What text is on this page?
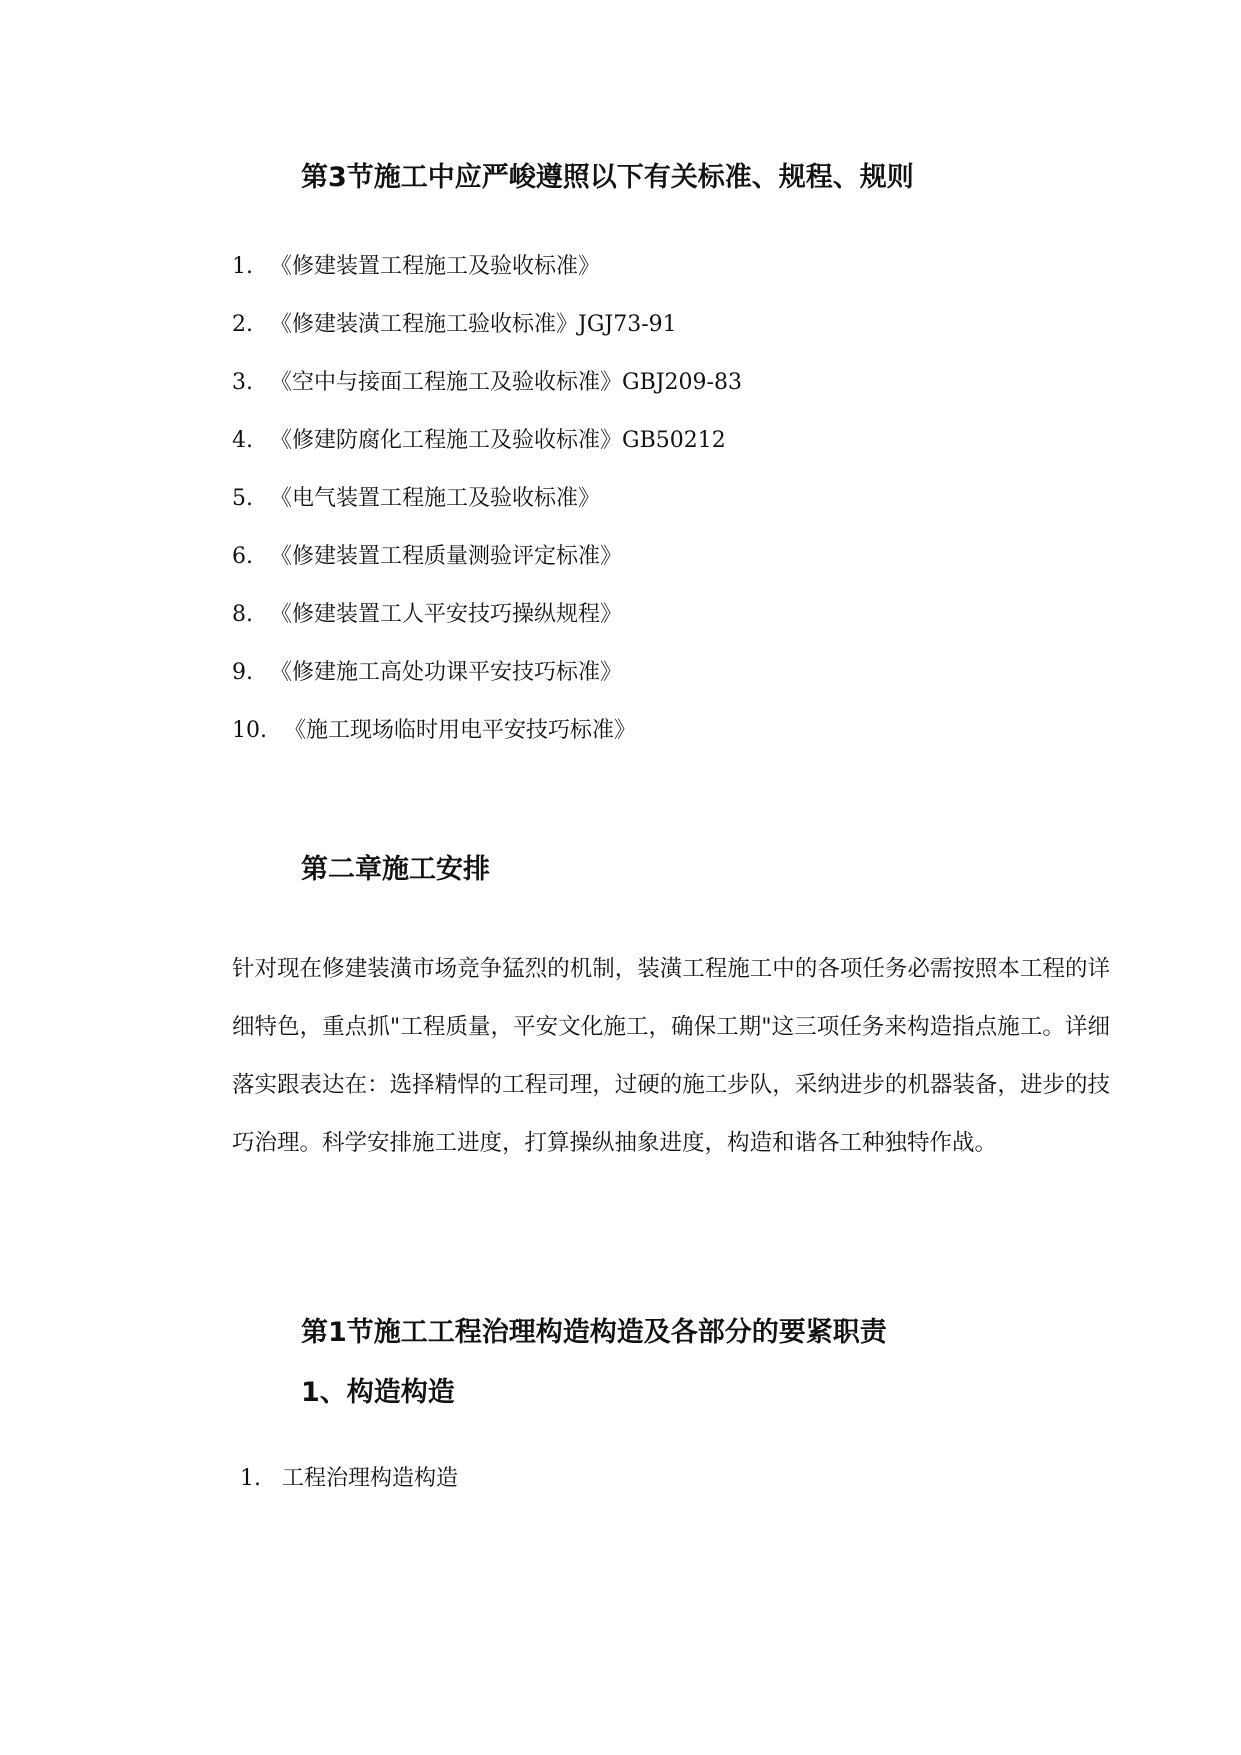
第3节施工中应严峻遵照以下有关标准、规程、规则
1. 《修建装置工程施工及验收标准》
2. 《修建装潢工程施工验收标准》JGJ73-91
3. 《空中与接面工程施工及验收标准》GBJ209-83
4. 《修建防腐化工程施工及验收标准》GB50212
5. 《电气装置工程施工及验收标准》
6. 《修建装置工程质量测验评定标准》
8. 《修建装置工人平安技巧操纵规程》
9. 《修建施工高处功课平安技巧标准》
10. 《施工现场临时用电平安技巧标准》
第二章施工安排

针对现在修建装潢市场竞争猛烈的机制，装潢工程施工中的各项任务必需按照本工程的详细特色，重点抓"工程质量，平安文化施工，确保工期"这三项任务来构造指点施工。详细落实跟表达在：选择精悍的工程司理，过硬的施工步队，采纳进步的机器装备，进步的技巧治理。科学安排施工进度，打算操纵抽象进度，构造和谐各工种独特作战。

第1节施工工程治理构造构造及各部分的要紧职责
1、构造构造
1. 工程治理构造构造
